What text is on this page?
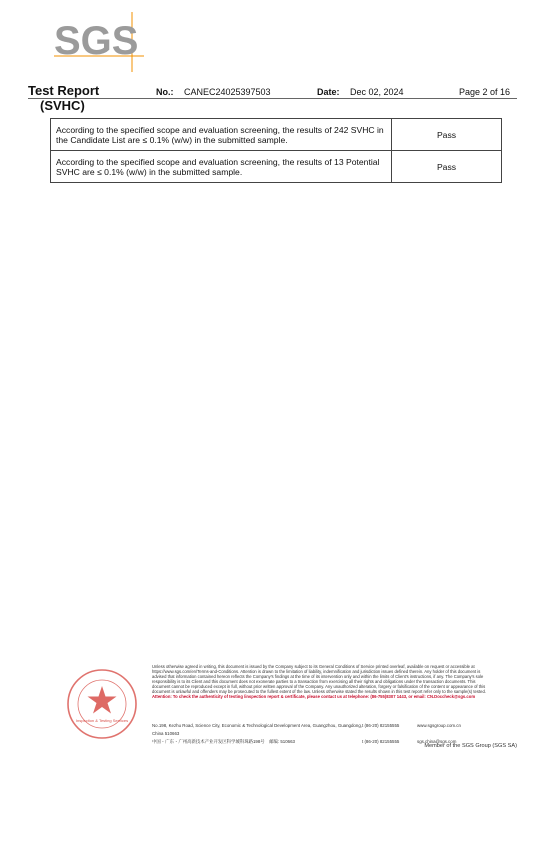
SGS
Test Report
(SVHC)
No.: CANEC24025397503	Date: Dec 02, 2024	Page 2 of 16
According to the specified scope and evaluation screening, the results of 242 SVHC in the Candidate List are ≤ 0.1% (w/w) in the submitted sample.	Pass
According to the specified scope and evaluation screening, the results of 13 Potential SVHC are ≤ 0.1% (w/w) in the submitted sample.	Pass
Inspection & Testing Services
Unless otherwise agreed in writing, this document is issued by the Company subject to its General Conditions of Service printed overleaf, available on request or accessible at https://www.sgs.com/en/Terms-and-Conditions. Attention is drawn to the limitation of liability, indemnification and jurisdiction issues defined therein. Any holder of this document is advised that information contained hereon reflects the Company's findings at the time of its intervention only and within the limits of Client's instructions, if any. The Company's sole responsibility is to its Client and this document does not exonerate parties to a transaction from exercising all their rights and obligations under the transaction documents. This document cannot be reproduced except in full, without prior written approval of the Company. Any unauthorized alteration, forgery or falsification of the content or appearance of this document is unlawful and offenders may be prosecuted to the fullest extent of the law. Unless otherwise stated the results shown in this test report refer only to the sample(s) tested. Attention: To check the authenticity of testing /inspection report & certificate, please contact us at telephone: (86-755)8307 1443, or email: CN.Doccheck@sgs.com
No.198, Kezhu Road, Science City, Economic & Technological Development Area, Guangzhou, Guangdong, China 510663
t (86-20) 82155555	www.sgsgroup.com.cn
中国・广东・广州高新技术产业开发区科学城科珠路198号　邮编: 510663	t (86-20) 82155555	sgs.china@sgs.com
Member of the SGS Group (SGS SA)
